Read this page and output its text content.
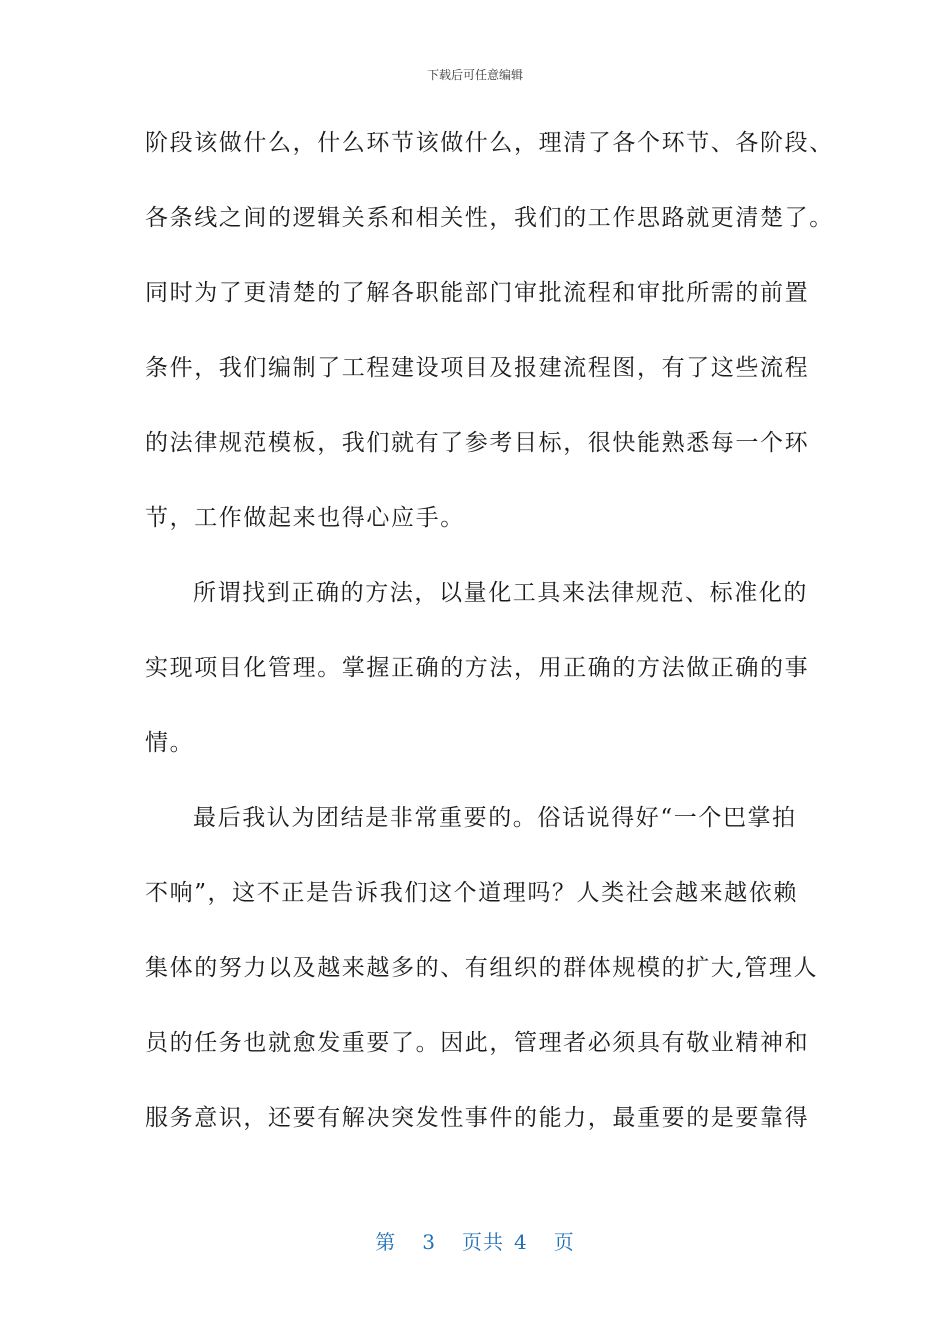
下载后可任意编辑
阶段该做什么，什么环节该做什么，理清了各个环节、各阶段、
各条线之间的逻辑关系和相关性，我们的工作思路就更清楚了。
同时为了更清楚的了解各职能部门审批流程和审批所需的前置
条件，我们编制了工程建设项目及报建流程图，有了这些流程
的法律规范模板，我们就有了参考目标，很快能熟悉每一个环
节，工作做起来也得心应手。
所谓找到正确的方法，以量化工具来法律规范、标准化的
实现项目化管理。掌握正确的方法，用正确的方法做正确的事
情。
最后我认为团结是非常重要的。俗话说得好“一个巴掌拍
不响”，这不正是告诉我们这个道理吗？人类社会越来越依赖
集体的努力以及越来越多的、有组织的群体规模的扩大,管理人
员的任务也就愈发重要了。因此，管理者必须具有敬业精神和
服务意识，还要有解决突发性事件的能力，最重要的是要靠得
第 3 页共 4 页
